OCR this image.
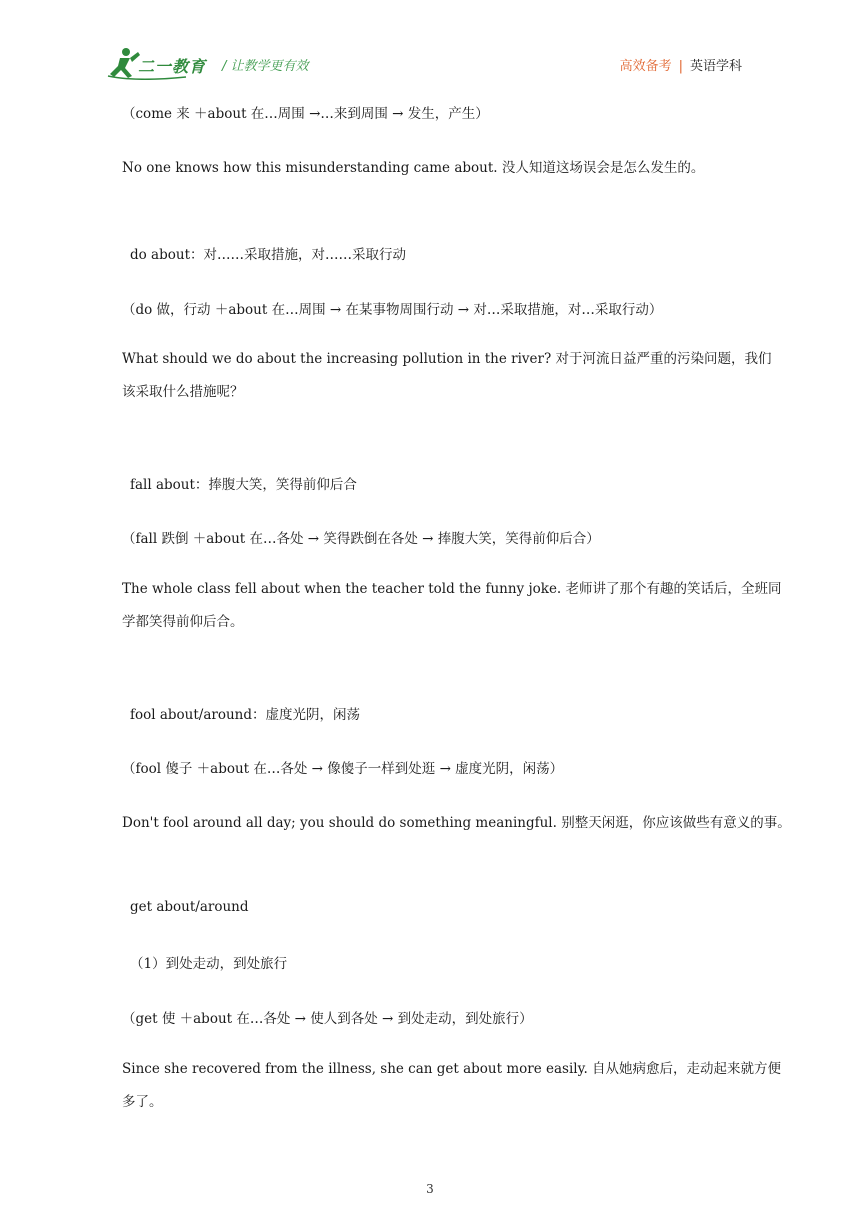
二一教育 / 让教学更有效	高效备考 | 英语学科
（come 来 ＋about 在…周围 →…来到周围 → 发生，产生）
No one knows how this misunderstanding came about. 没人知道这场误会是怎么发生的。
do about：对……采取措施，对……采取行动
（do 做，行动 ＋about 在…周围 → 在某事物周围行动 → 对…采取措施，对…采取行动）
What should we do about the increasing pollution in the river? 对于河流日益严重的污染问题，我们该采取什么措施呢？
fall about：捧腹大笑，笑得前仰后合
（fall 跌倒 ＋about 在…各处 → 笑得跌倒在各处 → 捧腹大笑，笑得前仰后合）
The whole class fell about when the teacher told the funny joke. 老师讲了那个有趣的笑话后，全班同学都笑得前仰后合。
fool about/around：虚度光阴，闲荡
（fool 傻子 ＋about 在…各处 → 像傻子一样到处逛 → 虚度光阴，闲荡）
Don't fool around all day; you should do something meaningful. 别整天闲逛，你应该做些有意义的事。
get about/around
（1）到处走动，到处旅行
（get 使 ＋about 在…各处 → 使人到各处 → 到处走动，到处旅行）
Since she recovered from the illness, she can get about more easily. 自从她病愈后，走动起来就方便多了。
3
